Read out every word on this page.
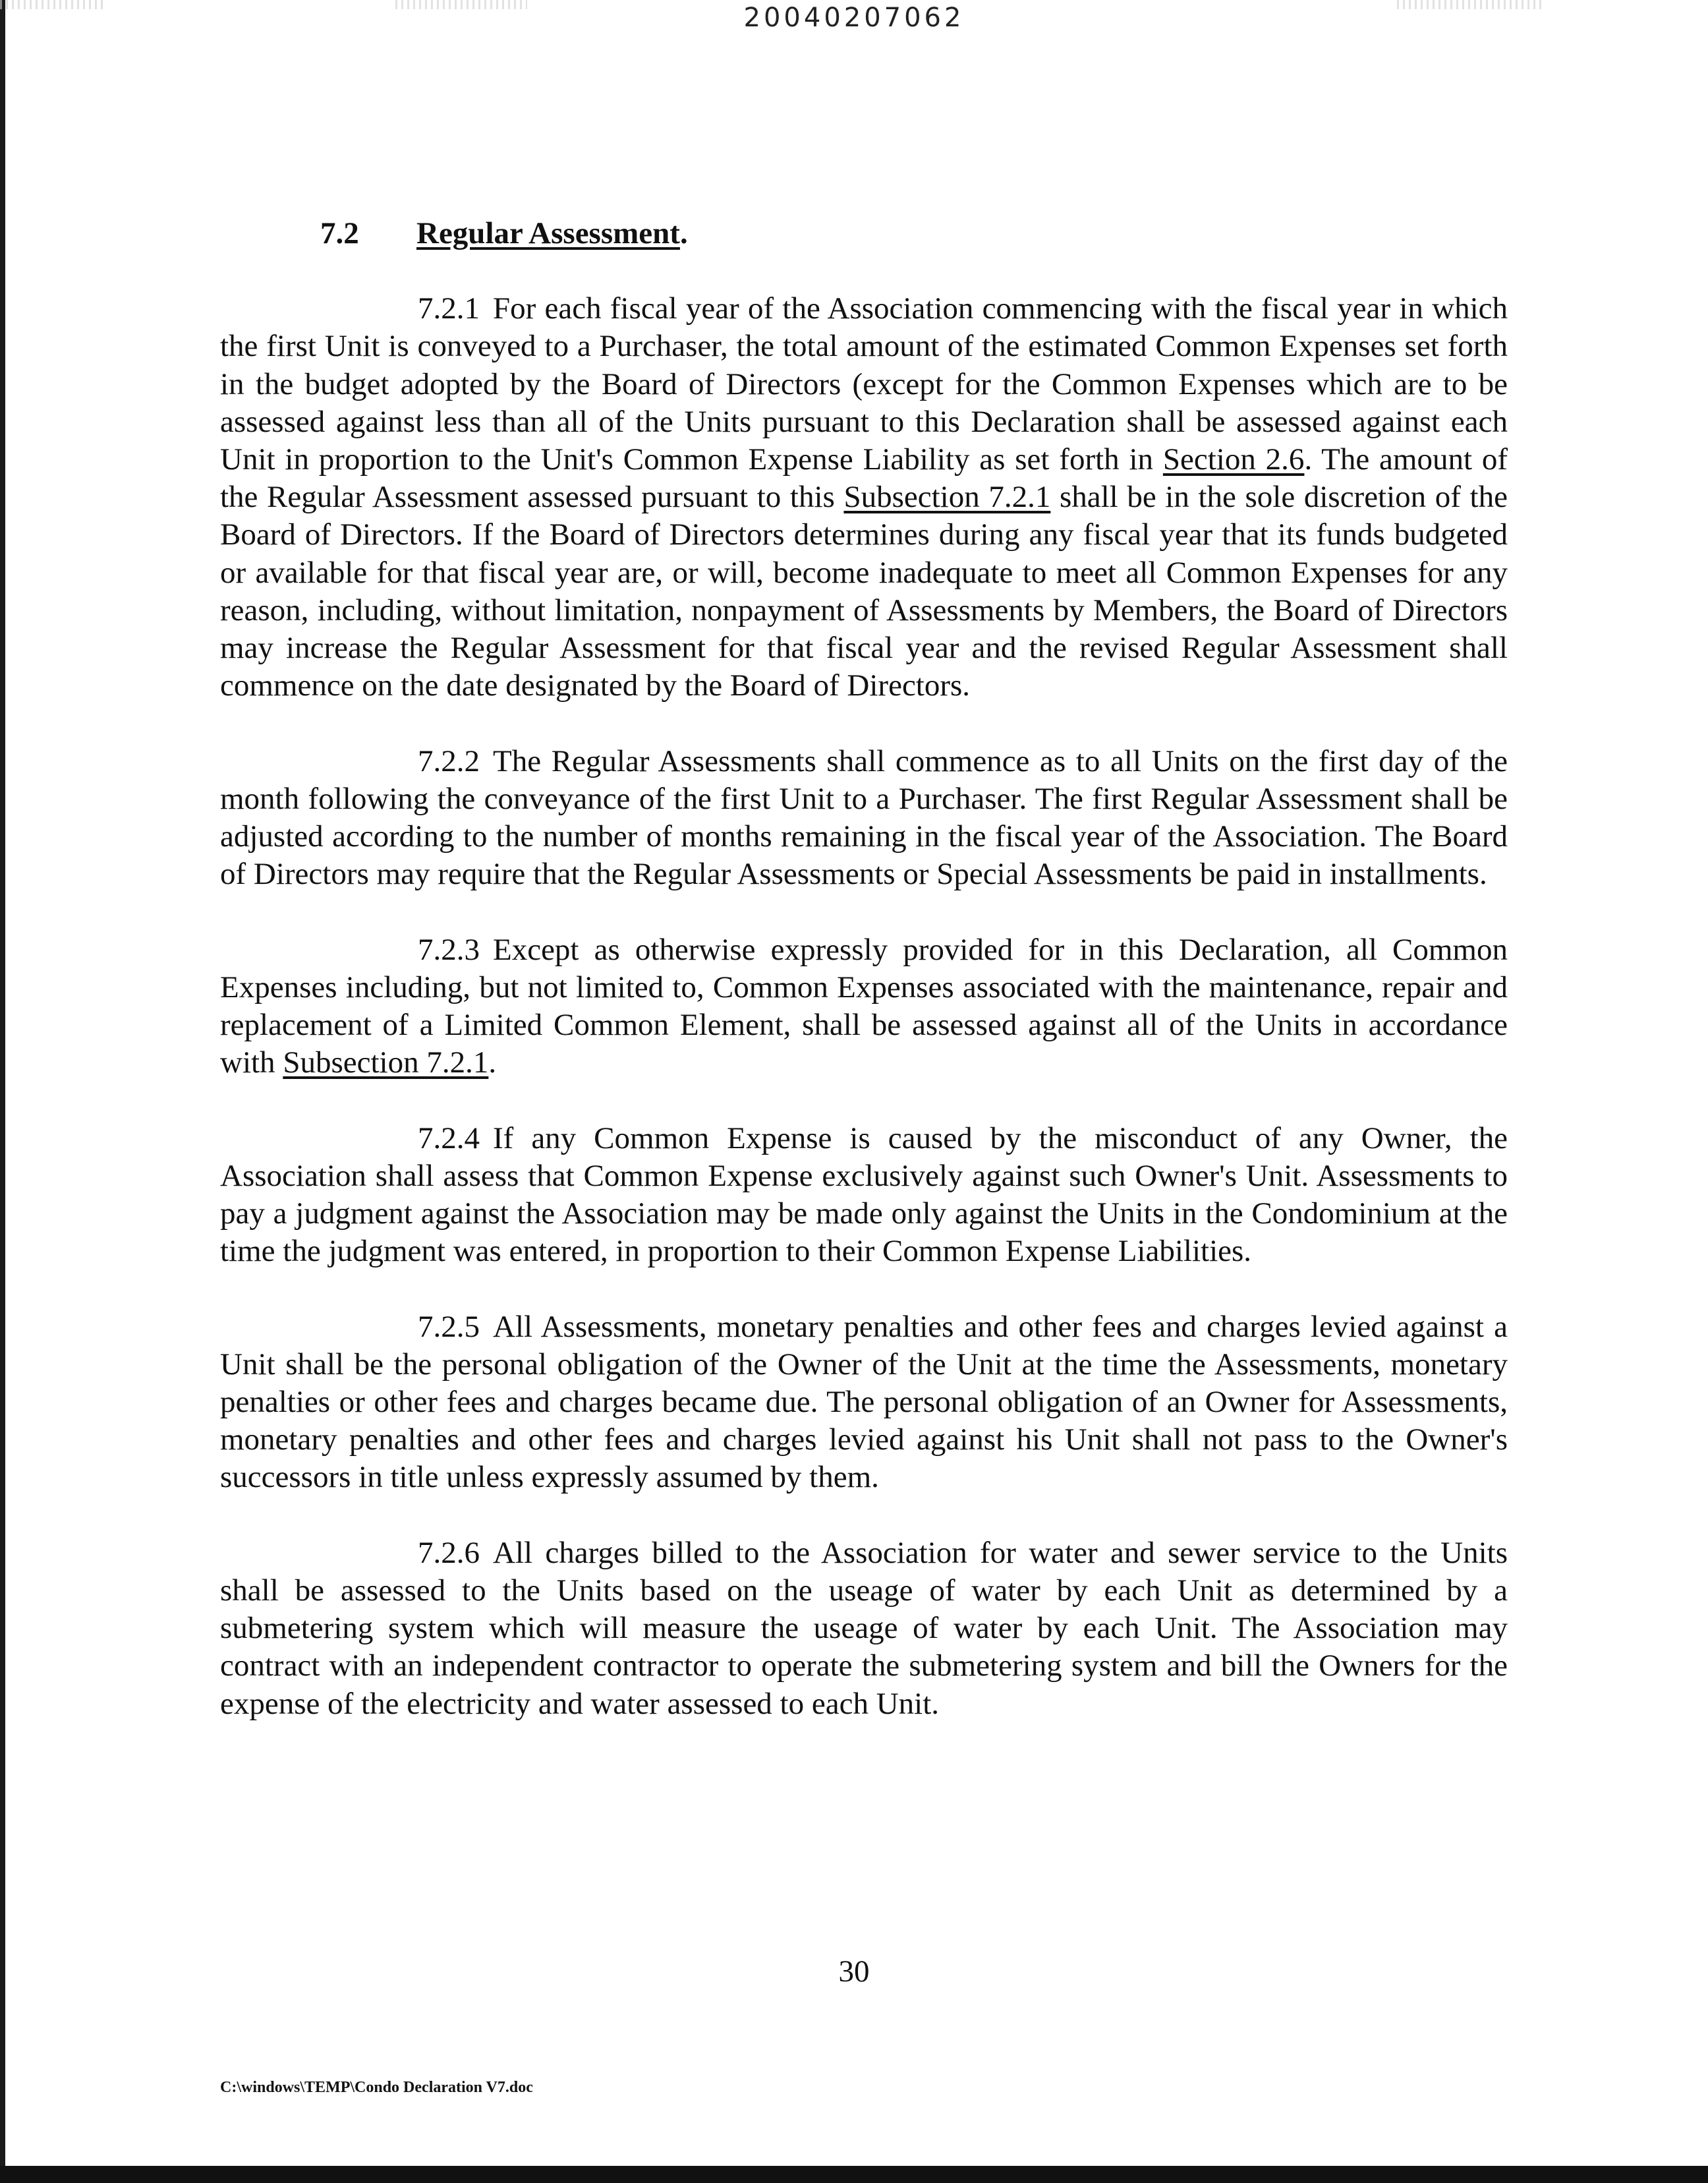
20040207062
7.2 Regular Assessment.

7.2.1 For each fiscal year of the Association commencing with the fiscal year in which the first Unit is conveyed to a Purchaser, the total amount of the estimated Common Expenses set forth in the budget adopted by the Board of Directors (except for the Common Expenses which are to be assessed against less than all of the Units pursuant to this Declaration shall be assessed against each Unit in proportion to the Unit's Common Expense Liability as set forth in Section 2.6. The amount of the Regular Assessment assessed pursuant to this Subsection 7.2.1 shall be in the sole discretion of the Board of Directors. If the Board of Directors determines during any fiscal year that its funds budgeted or available for that fiscal year are, or will, become inadequate to meet all Common Expenses for any reason, including, without limitation, nonpayment of Assessments by Members, the Board of Directors may increase the Regular Assessment for that fiscal year and the revised Regular Assessment shall commence on the date designated by the Board of Directors.

7.2.2 The Regular Assessments shall commence as to all Units on the first day of the month following the conveyance of the first Unit to a Purchaser. The first Regular Assessment shall be adjusted according to the number of months remaining in the fiscal year of the Association. The Board of Directors may require that the Regular Assessments or Special Assessments be paid in installments.

7.2.3 Except as otherwise expressly provided for in this Declaration, all Common Expenses including, but not limited to, Common Expenses associated with the maintenance, repair and replacement of a Limited Common Element, shall be assessed against all of the Units in accordance with Subsection 7.2.1.

7.2.4 If any Common Expense is caused by the misconduct of any Owner, the Association shall assess that Common Expense exclusively against such Owner's Unit. Assessments to pay a judgment against the Association may be made only against the Units in the Condominium at the time the judgment was entered, in proportion to their Common Expense Liabilities.

7.2.5 All Assessments, monetary penalties and other fees and charges levied against a Unit shall be the personal obligation of the Owner of the Unit at the time the Assessments, monetary penalties or other fees and charges became due. The personal obligation of an Owner for Assessments, monetary penalties and other fees and charges levied against his Unit shall not pass to the Owner's successors in title unless expressly assumed by them.

7.2.6 All charges billed to the Association for water and sewer service to the Units shall be assessed to the Units based on the useage of water by each Unit as determined by a submetering system which will measure the useage of water by each Unit. The Association may contract with an independent contractor to operate the submetering system and bill the Owners for the expense of the electricity and water assessed to each Unit.

30
C:\windows\TEMP\Condo Declaration V7.doc
